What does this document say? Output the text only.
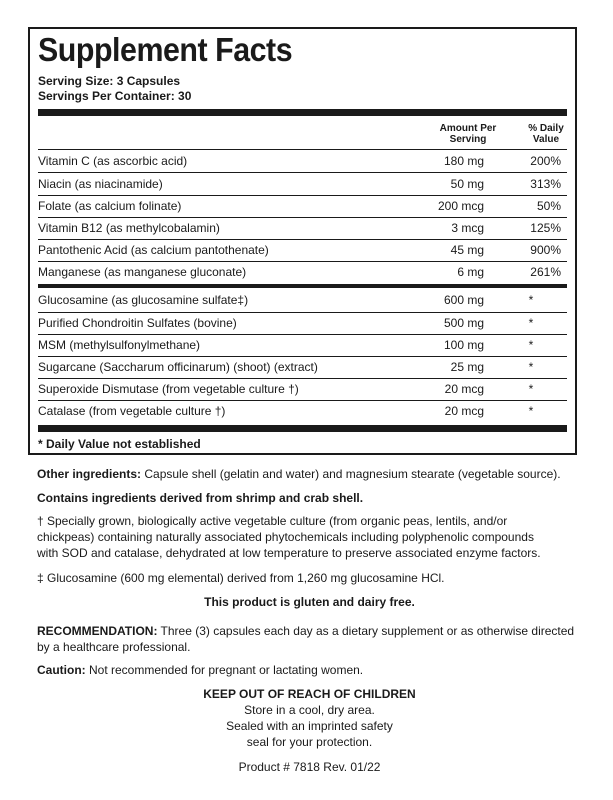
Supplement Facts
Serving Size: 3 Capsules
Servings Per Container: 30
Amount Per
Serving
% Daily
Value
Vitamin C (as ascorbic acid)	180 mg	200%
Niacin (as niacinamide)	50 mg	313%
Folate (as calcium folinate)	200 mcg	50%
Vitamin B12 (as methylcobalamin)	3 mcg	125%
Pantothenic Acid (as calcium pantothenate)	45 mg	900%
Manganese (as manganese gluconate)	6 mg	261%
Glucosamine (as glucosamine sulfate‡)	600 mg	*
Purified Chondroitin Sulfates (bovine)	500 mg	*
MSM (methylsulfonylmethane)	100 mg	*
Sugarcane (Saccharum officinarum) (shoot) (extract)	25 mg	*
Superoxide Dismutase (from vegetable culture †)	20 mcg	*
Catalase (from vegetable culture †)	20 mcg	*
* Daily Value not established
Other ingredients: Capsule shell (gelatin and water) and magnesium stearate (vegetable source).
Contains ingredients derived from shrimp and crab shell.
† Specially grown, biologically active vegetable culture (from organic peas, lentils, and/or
chickpeas) containing naturally associated phytochemicals including polyphenolic compounds
with SOD and catalase, dehydrated at low temperature to preserve associated enzyme factors.
‡ Glucosamine (600 mg elemental) derived from 1,260 mg glucosamine HCl.
This product is gluten and dairy free.
RECOMMENDATION: Three (3) capsules each day as a dietary supplement or as otherwise directed
by a healthcare professional.
Caution: Not recommended for pregnant or lactating women.
KEEP OUT OF REACH OF CHILDREN
Store in a cool, dry area.
Sealed with an imprinted safety
seal for your protection.
Product # 7818 Rev. 01/22
